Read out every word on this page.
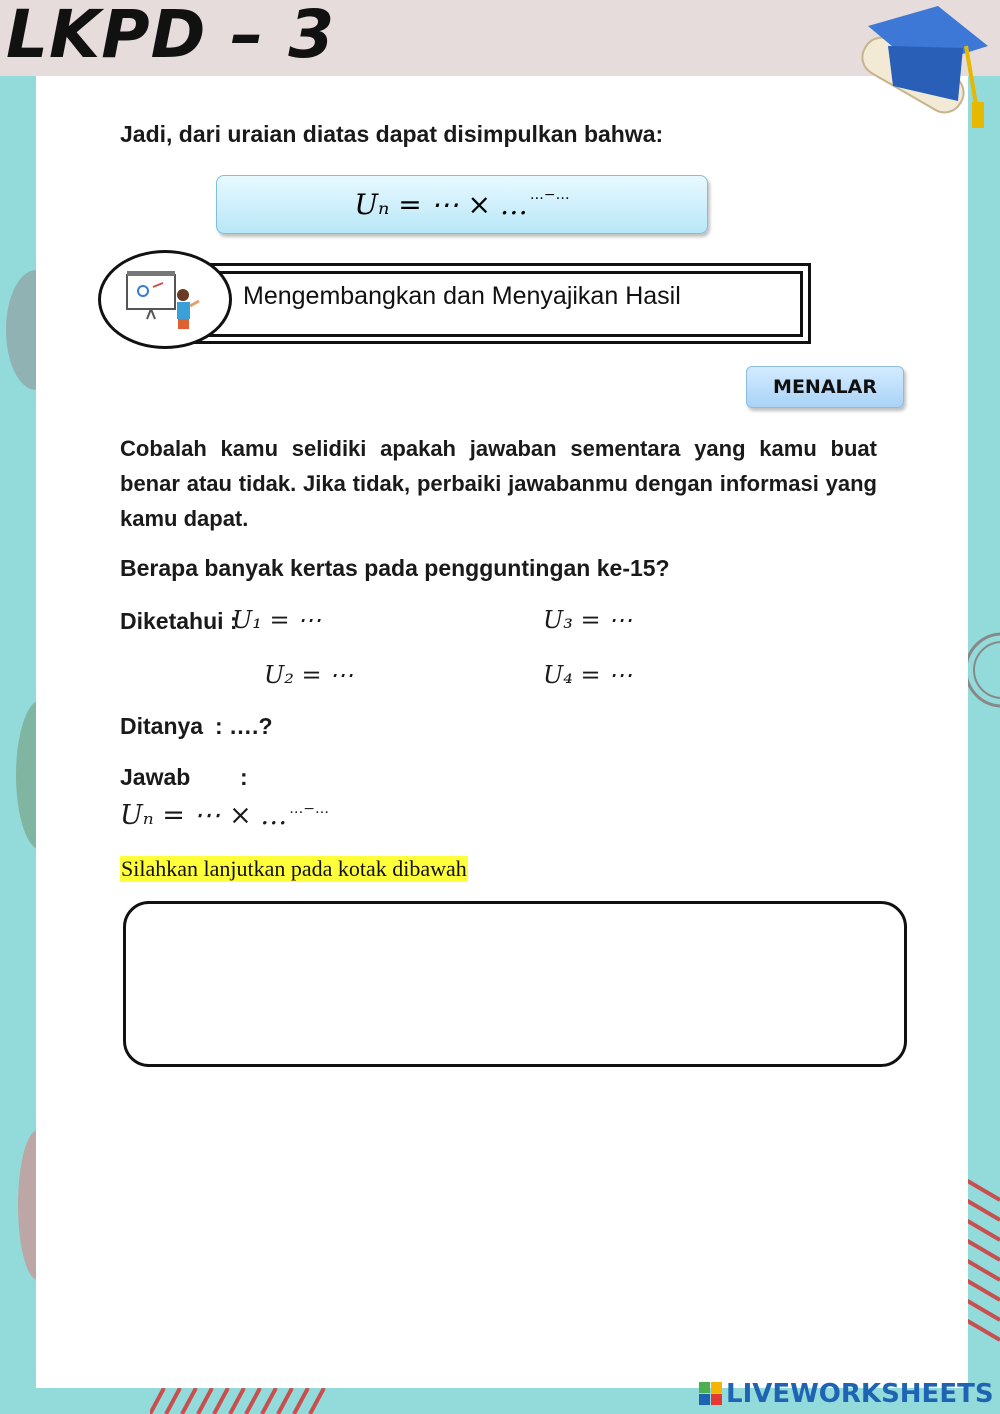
LKPD – 3
Jadi, dari uraian diatas dapat disimpulkan bahwa:
Uₙ = ⋯ × … …−…
Mengembangkan dan Menyajikan Hasil
MENALAR
Cobalah kamu selidiki apakah jawaban sementara yang kamu buat benar atau tidak. Jika tidak, perbaiki jawabanmu dengan informasi yang kamu dapat.
Berapa banyak kertas pada pengguntingan ke-15?
Diketahui :
U₁ = ⋯	U₃ = ⋯
U₂ = ⋯	U₄ = ⋯
Ditanya : ….?
Jawab :
Uₙ = ⋯ × … …−…
Silahkan lanjutkan pada kotak dibawah
LIVEWORKSHEETS
